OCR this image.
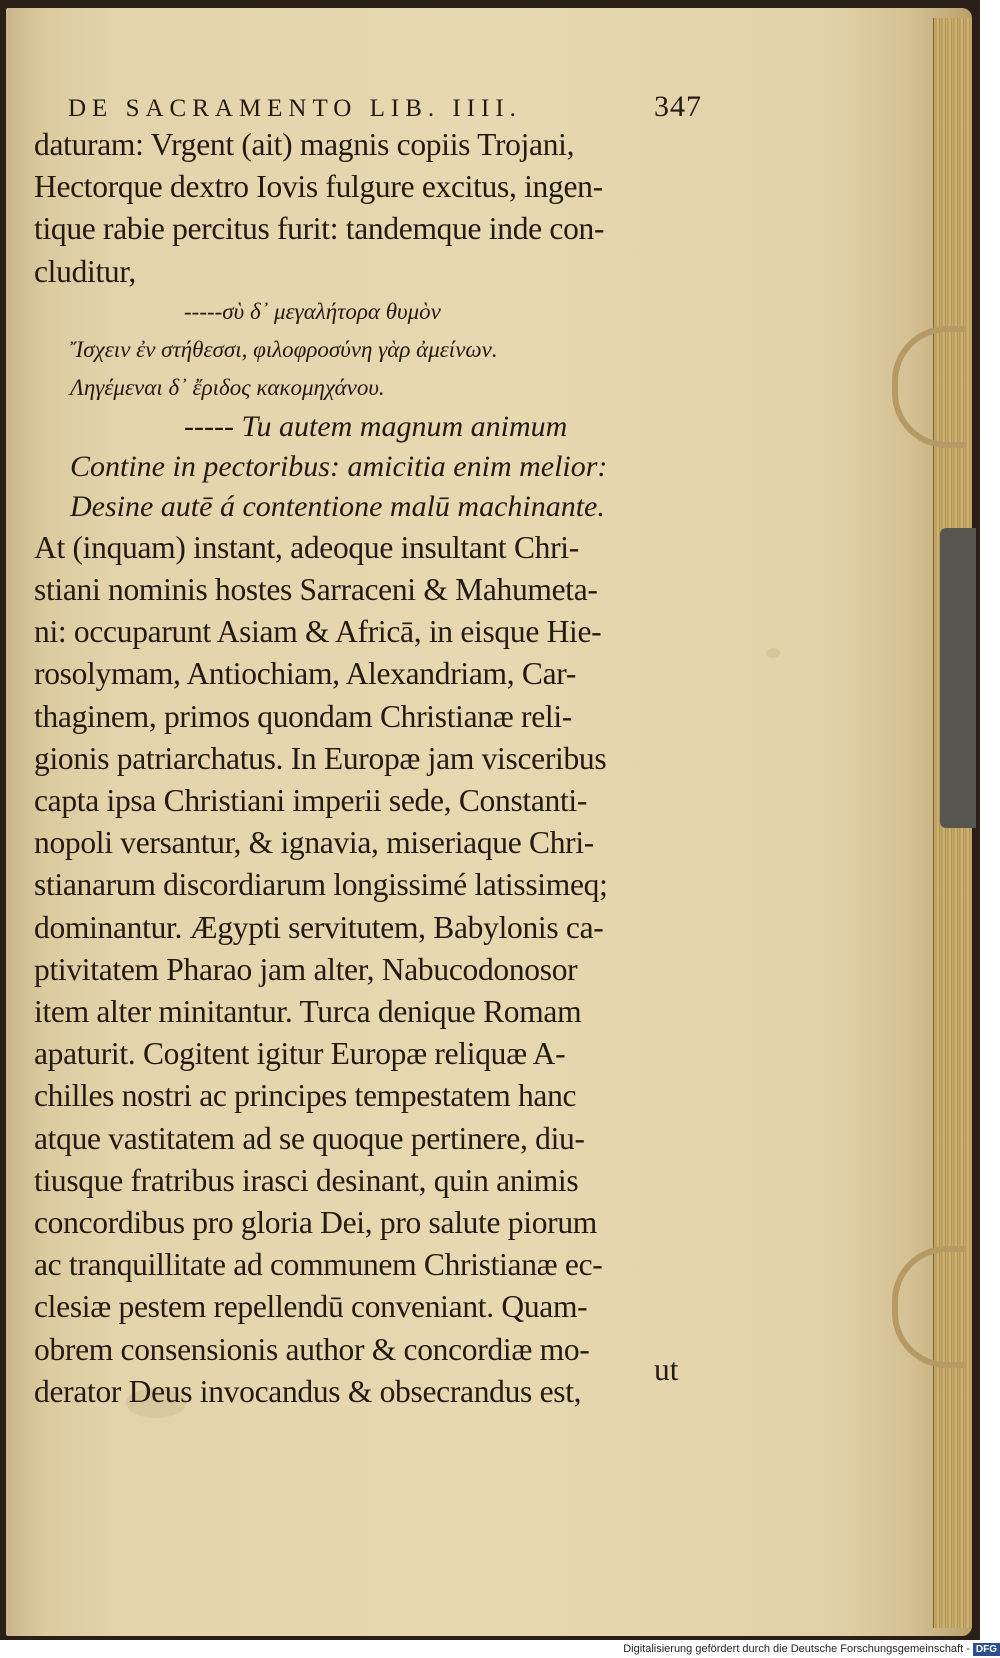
DE SACRAMENTO LIB. IIII.	347
daturam: Vrgent (ait) magnis copiis Trojani,
Hectorque dextro Iovis fulgure excitus, ingen-
tique rabie percitus furit: tandemque inde con-
cluditur,
-----σὺ δ᾽ μεγαλήτορα θυμὸν
Ἴσχειν ἐν στήθεσσι, φιλοφροσύνη γὰρ ἀμείνων.
Ληγέμεναι δ᾽ ἔριδος κακομηχάνου.
----- Tu autem magnum animum
Contine in pectoribus: amicitia enim melior:
Desine autē á contentione malū machinante.
At (inquam) instant, adeoque insultant Chri-
stiani nominis hostes Sarraceni & Mahumeta-
ni: occuparunt Asiam & Africā, in eisque Hie-
rosolymam, Antiochiam, Alexandriam, Car-
thaginem, primos quondam Christianæ reli-
gionis patriarchatus. In Europæ jam visceribus
capta ipsa Christiani imperii sede, Constanti-
nopoli versantur, & ignavia, miseriaque Chri-
stianarum discordiarum longissimé latissimeq;
dominantur. Ægypti servitutem, Babylonis ca-
ptivitatem Pharao jam alter, Nabucodonosor
item alter minitantur. Turca denique Romam
apaturit. Cogitent igitur Europæ reliquæ A-
chilles nostri ac principes tempestatem hanc
atque vastitatem ad se quoque pertinere, diu-
tiusque fratribus irasci desinant, quin animis
concordibus pro gloria Dei, pro salute piorum
ac tranquillitate ad communem Christianæ ec-
clesiæ pestem repellendū conveniant. Quam-
obrem consensionis author & concordiæ mo-
derator Deus invocandus & obsecrandus est,
ut
Digitalisierung gefördert durch die Deutsche Forschungsgemeinschaft - DFG
